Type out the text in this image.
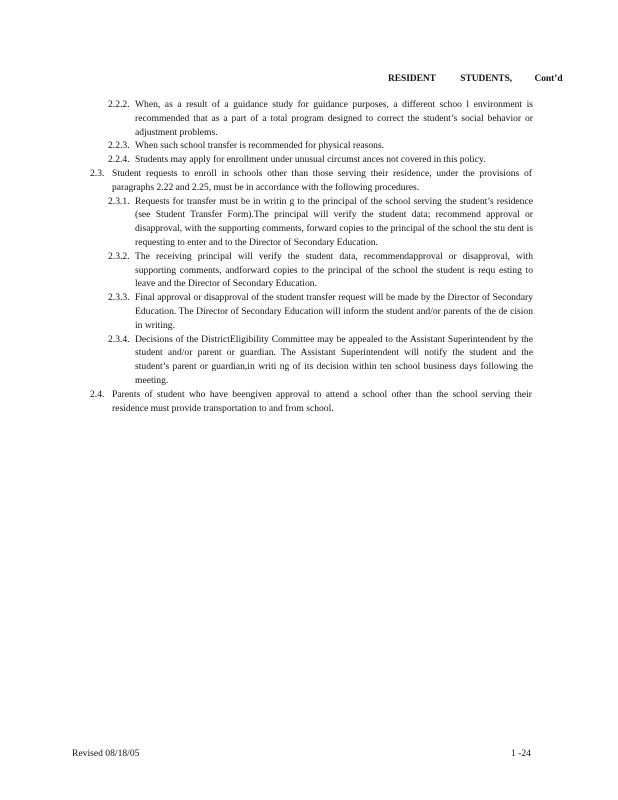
RESIDENT	STUDENTS, Cont’d
2.2.2. When, as a result of a guidance study for guidance purposes, a different schoo l environment is recommended that as a part of a total program designed to correct the student’s social behavior or adjustment problems.
2.2.3. When such school transfer is recommended for physical reasons.
2.2.4. Students may apply for enrollment under unusual circumst ances not covered in this policy.
2.3. Student requests to enroll in schools other than those serving their residence, under the provisions of paragraphs 2.22 and 2.25, must be in accordance with the following procedures.
2.3.1. Requests for transfer must be in writin g to the principal of the school serving the student’s residence (see Student Transfer Form).The principal will verify the student data; recommend approval or disapproval, with the supporting comments, forward copies to the principal of the school the stu dent is requesting to enter and to the Director of Secondary Education.
2.3.2. The receiving principal will verify the student data, recommendapproval or disapproval, with supporting comments, andforward copies to the principal of the school the student is requ esting to leave and the Director of Secondary Education.
2.3.3. Final approval or disapproval of the student transfer request will be made by the Director of Secondary Education. The Director of Secondary Education will inform the student and/or parents of the de cision in writing.
2.3.4. Decisions of the DistrictEligibility Committee may be appealed to the Assistant Superintendent by the student and/or parent or guardian. The Assistant Superintendent will notify the student and the student’s parent or guardian,in writi ng of its decision within ten school business days following the meeting.
2.4. Parents of student who have beengiven approval to attend a school other than the school serving their residence must provide transportation to and from school.
Revised 08/18/05	1 -24
